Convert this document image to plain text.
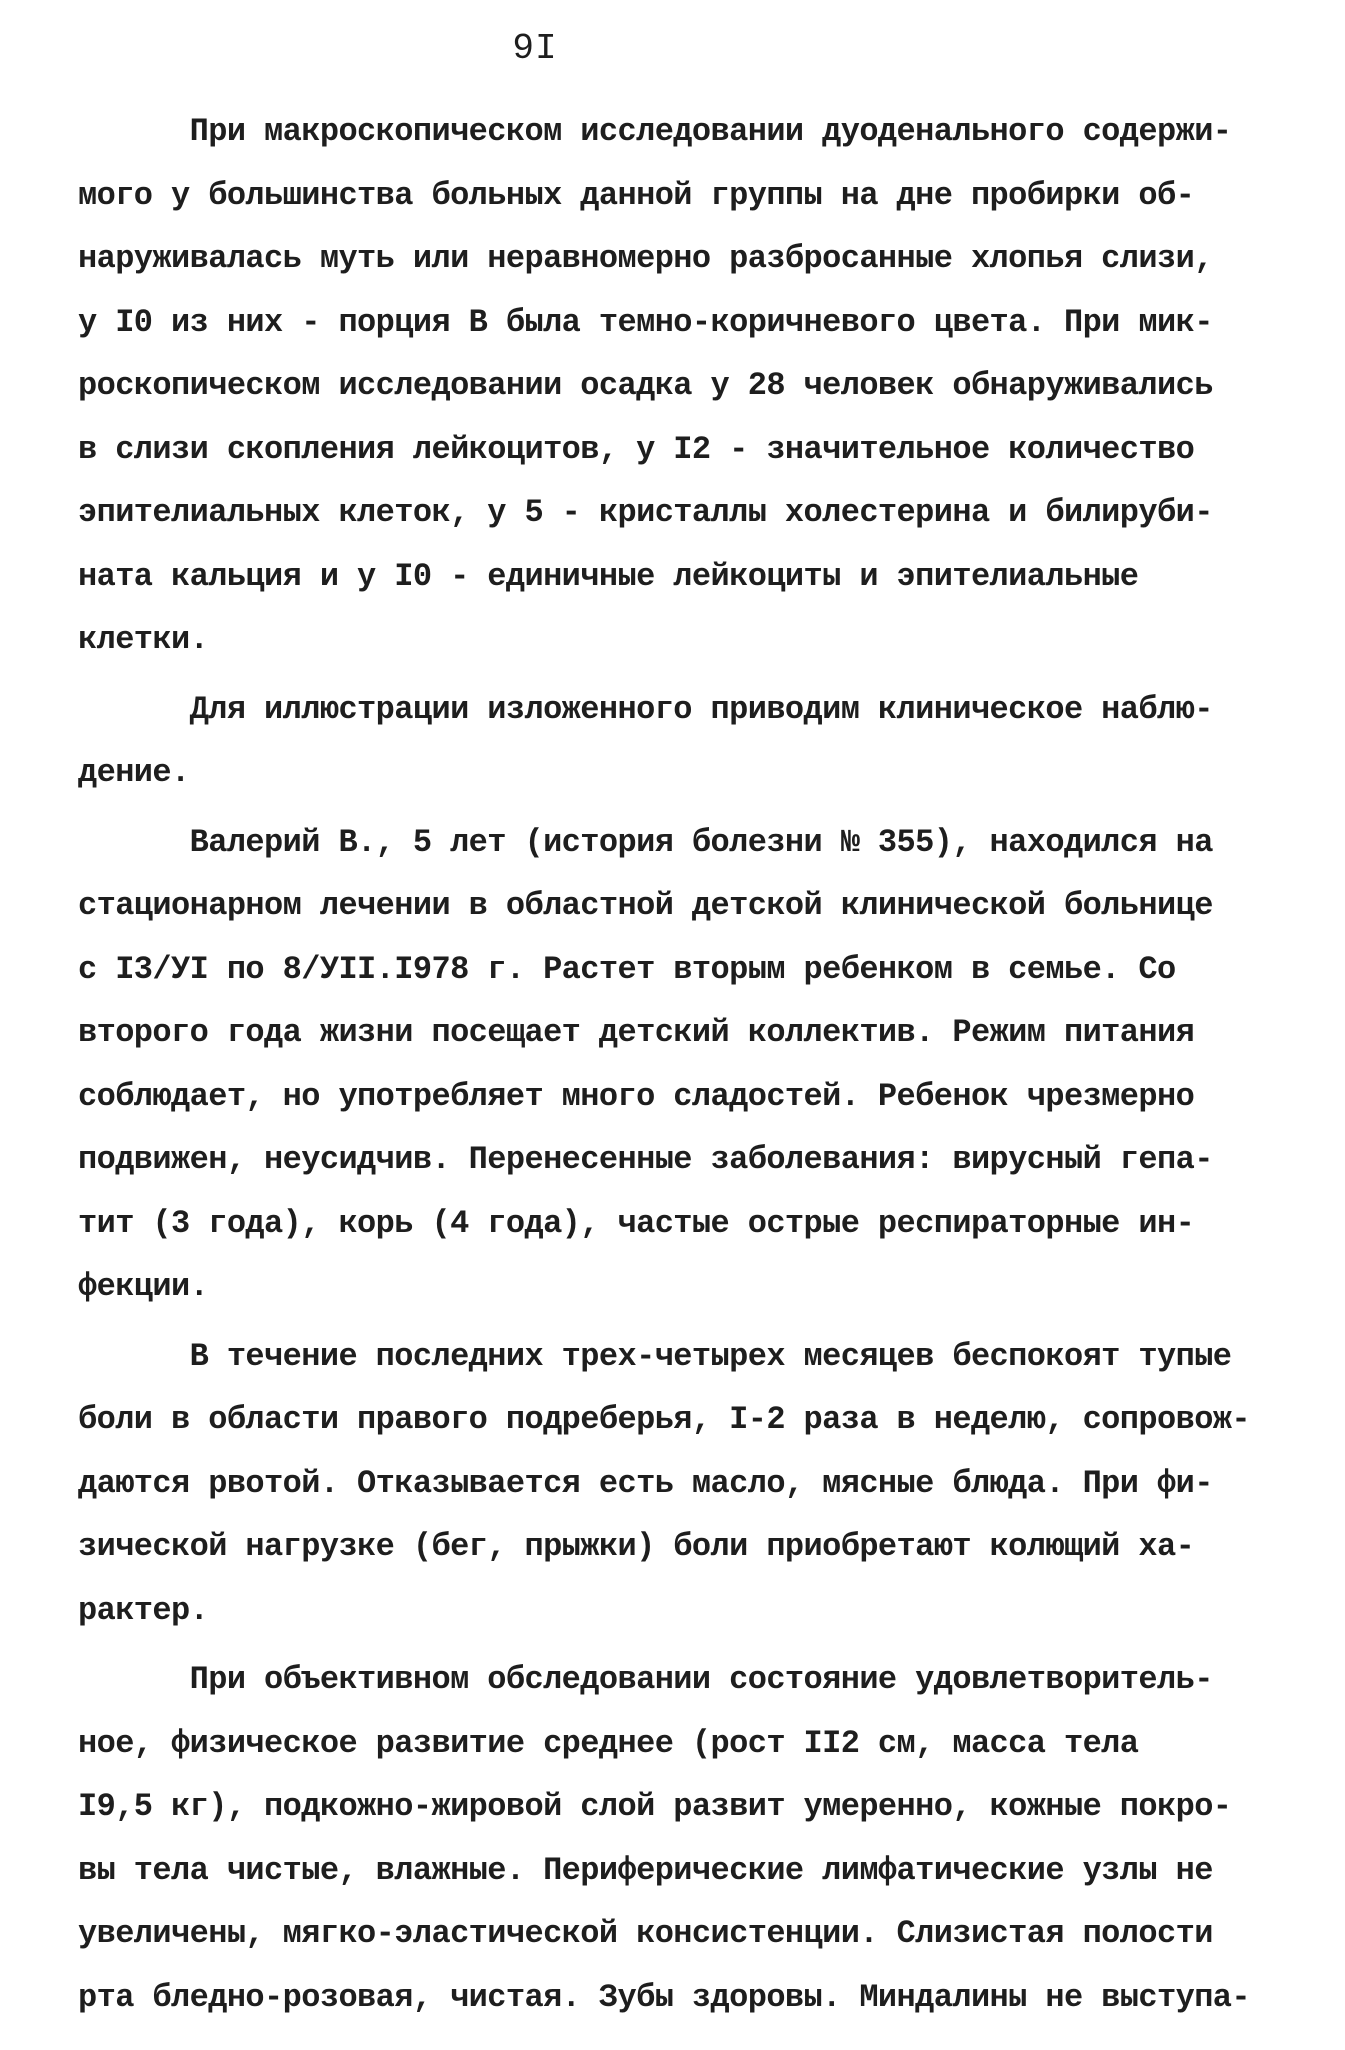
9I
При макроскопическом исследовании дуоденального содержи-
мого у большинства больных данной группы на дне пробирки об-
наруживалась муть или неравномерно разбросанные хлопья слизи,
у I0 из них - порция В была темно-коричневого цвета. При мик-
роскопическом исследовании осадка у 28 человек обнаруживались
в слизи скопления лейкоцитов, у I2 - значительное количество
эпителиальных клеток, у 5 - кристаллы холестерина и билируби-
ната кальция и у I0 - единичные лейкоциты и эпителиальные
клетки.
Для иллюстрации изложенного приводим клиническое наблю-
дение.
Валерий В., 5 лет (история болезни № 355), находился на
стационарном лечении в областной детской клинической больнице
с I3/УI по 8/УII.I978 г. Растет вторым ребенком в семье. Со
второго года жизни посещает детский коллектив. Режим питания
соблюдает, но употребляет много сладостей. Ребенок чрезмерно
подвижен, неусидчив. Перенесенные заболевания: вирусный гепа-
тит (3 года), корь (4 года), частые острые респираторные ин-
фекции.
В течение последних трех-четырех месяцев беспокоят тупые
боли в области правого подреберья, I-2 раза в неделю, сопровож-
даются рвотой. Отказывается есть масло, мясные блюда. При фи-
зической нагрузке (бег, прыжки) боли приобретают колющий ха-
рактер.
При объективном обследовании состояние удовлетворитель-
ное, физическое развитие среднее (рост II2 см, масса тела
I9,5 кг), подкожно-жировой слой развит умеренно, кожные покро-
вы тела чистые, влажные. Периферические лимфатические узлы не
увеличены, мягко-эластической консистенции. Слизистая полости
рта бледно-розовая, чистая. Зубы здоровы. Миндалины не выступа-
